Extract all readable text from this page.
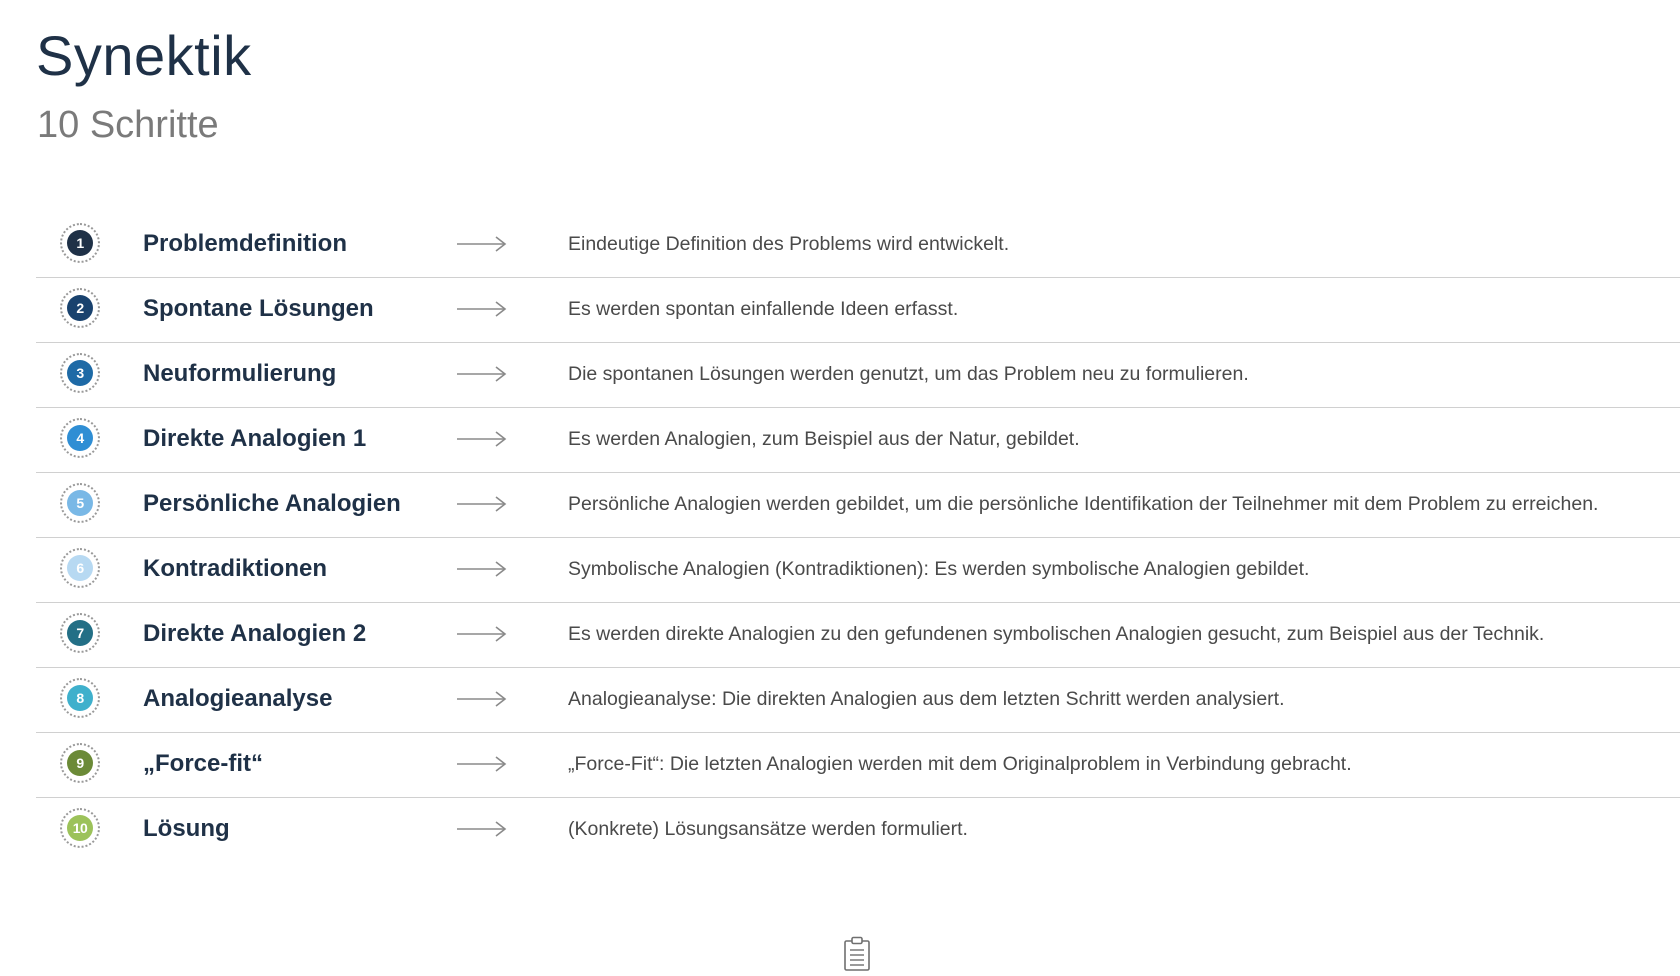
Synektik
10 Schritte
1	Problemdefinition	Eindeutige Definition des Problems wird entwickelt.
2	Spontane Lösungen	Es werden spontan einfallende Ideen erfasst.
3	Neuformulierung	Die spontanen Lösungen werden genutzt, um das Problem neu zu formulieren.
4	Direkte Analogien 1	Es werden Analogien, zum Beispiel aus der Natur, gebildet.
5	Persönliche Analogien	Persönliche Analogien werden gebildet, um die persönliche Identifikation der Teilnehmer mit dem Problem zu erreichen.
6	Kontradiktionen	Symbolische Analogien (Kontradiktionen): Es werden symbolische Analogien gebildet.
7	Direkte Analogien 2	Es werden direkte Analogien zu den gefundenen symbolischen Analogien gesucht, zum Beispiel aus der Technik.
8	Analogieanalyse	Analogieanalyse: Die direkten Analogien aus dem letzten Schritt werden analysiert.
9	„Force-fit“	„Force-Fit“: Die letzten Analogien werden mit dem Originalproblem in Verbindung gebracht.
10 Lösung	(Konkrete) Lösungsansätze werden formuliert.
